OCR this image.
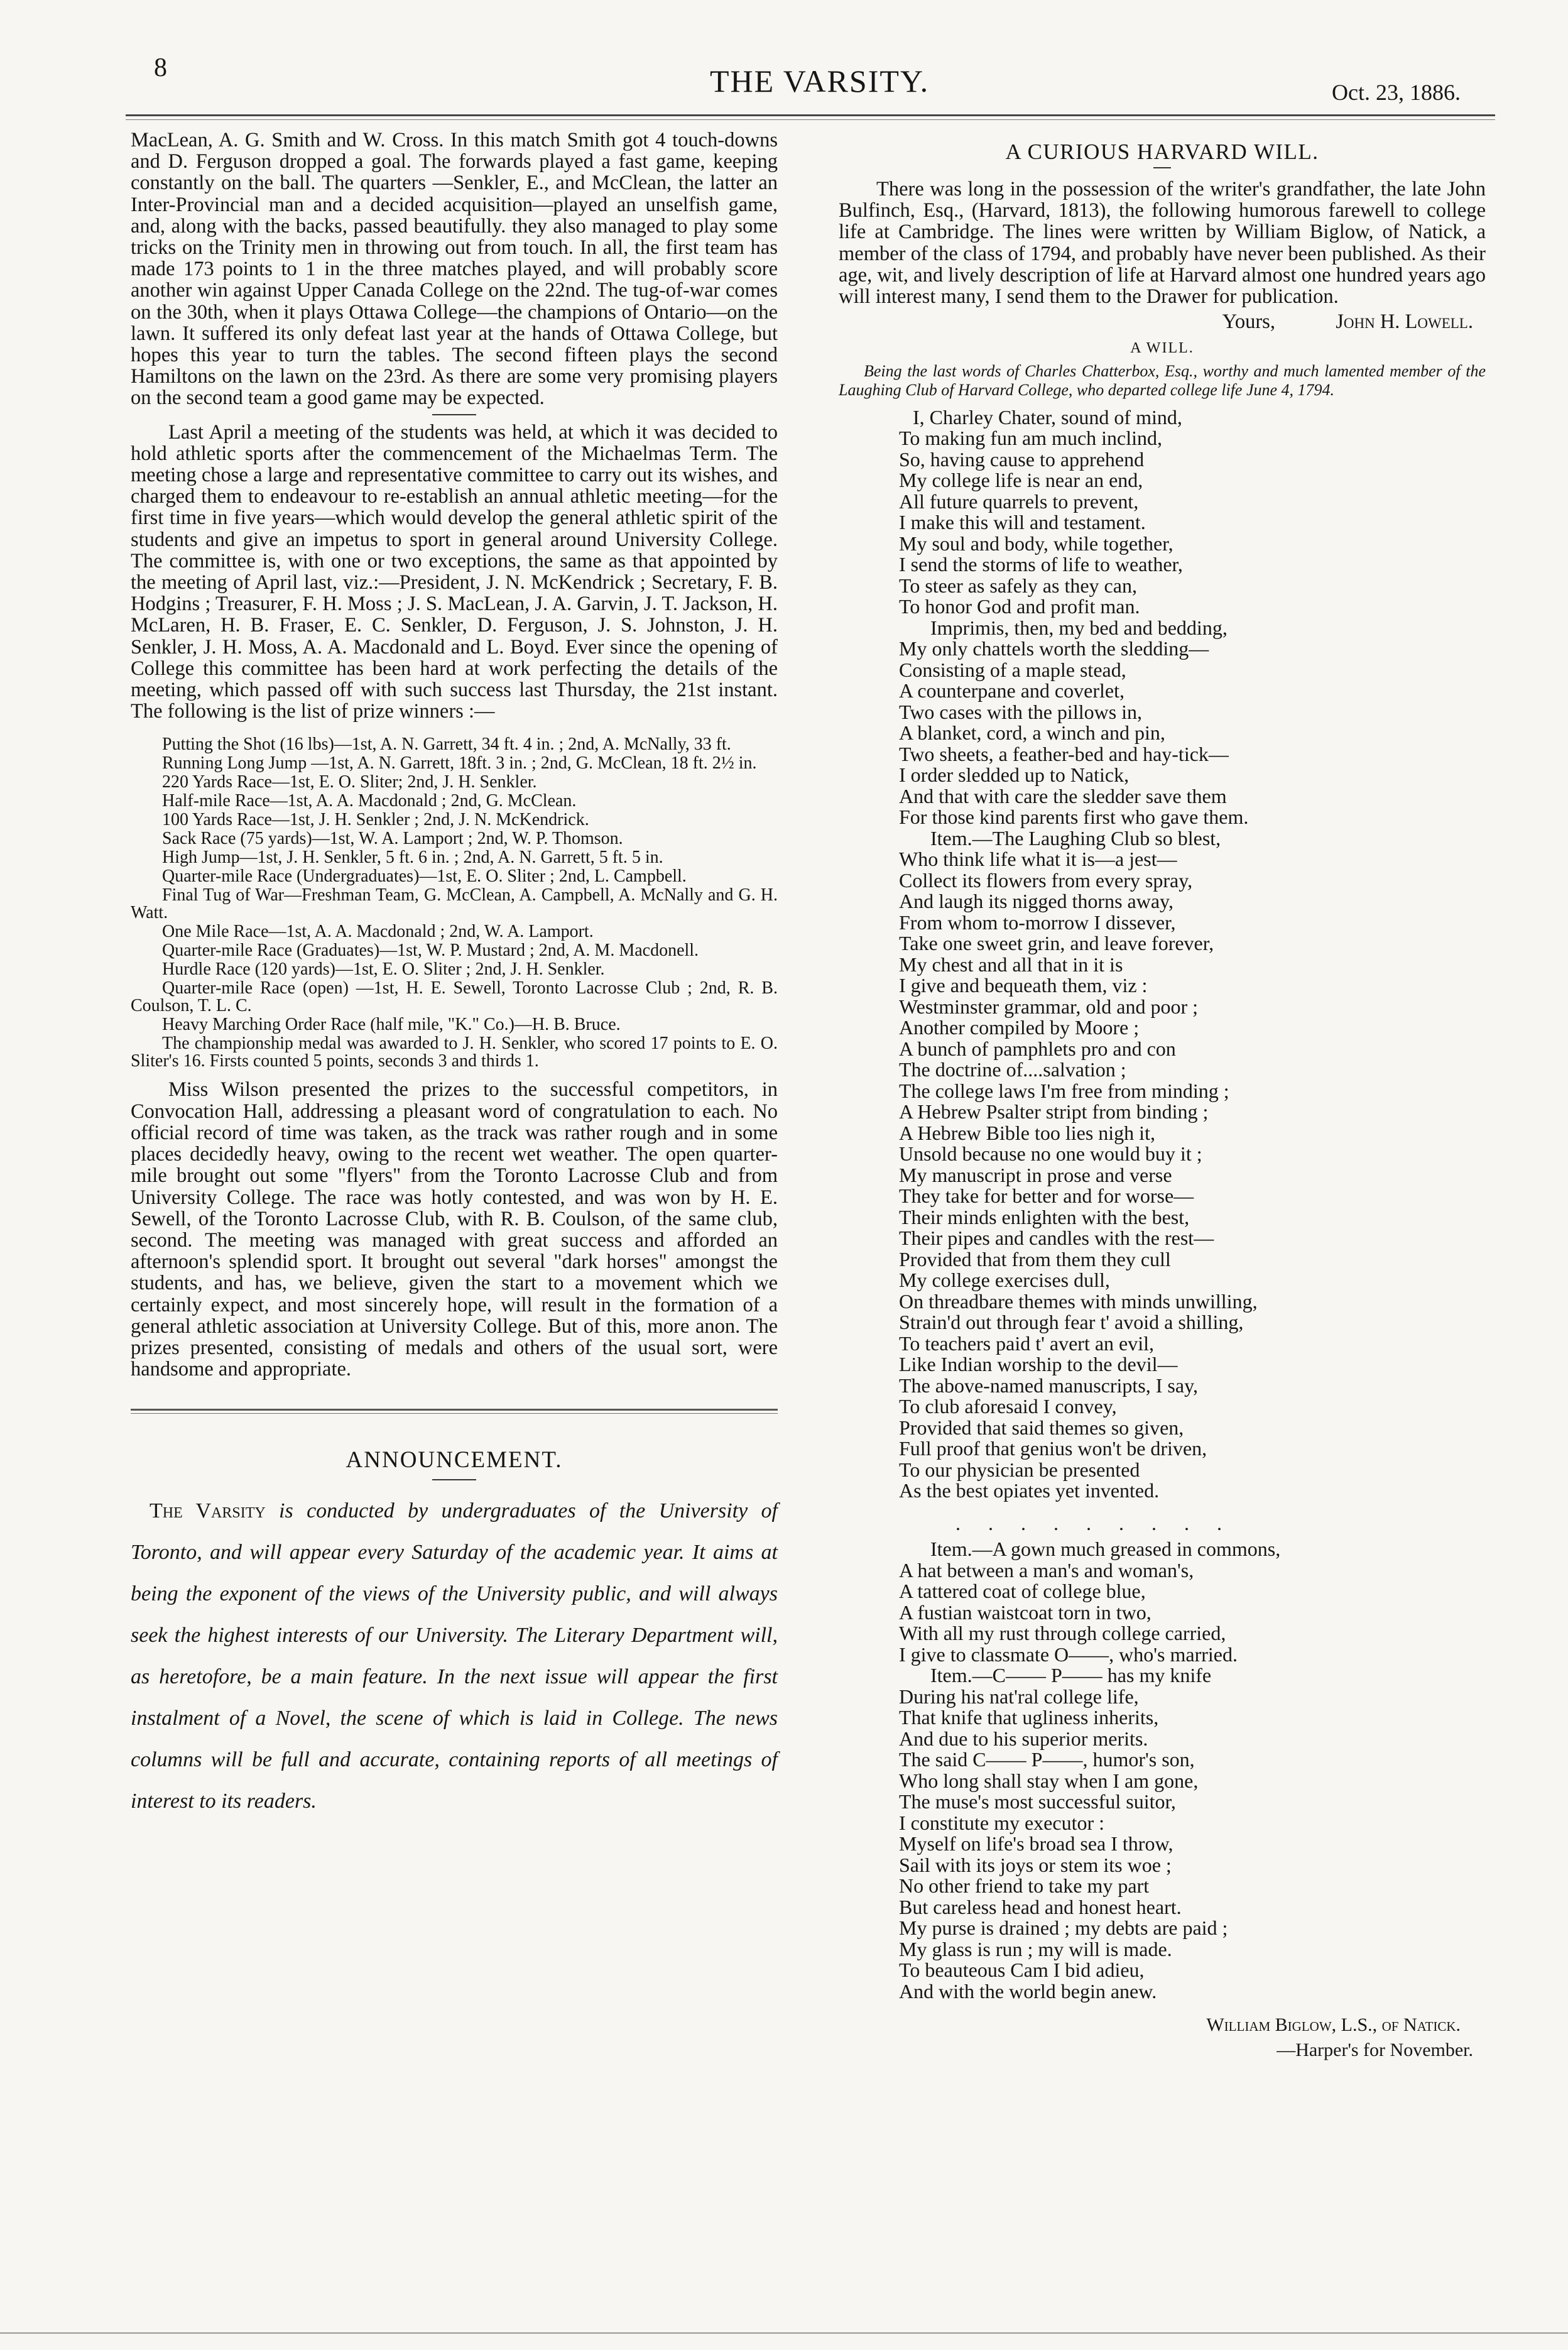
8	THE VARSITY.	Oct. 23, 1886.

MacLean, A. G. Smith and W. Cross. In this match Smith got 4 touch-downs and D. Ferguson dropped a goal. The forwards played a fast game, keeping constantly on the ball. The quarters —Senkler, E., and McClean, the latter an Inter-Provincial man and a decided acquisition—played an unselfish game, and, along with the backs, passed beautifully. they also managed to play some tricks on the Trinity men in throwing out from touch. In all, the first team has made 173 points to 1 in the three matches played, and will probably score another win against Upper Canada College on the 22nd. The tug-of-war comes on the 30th, when it plays Ottawa College—the champions of Ontario—on the lawn. It suffered its only defeat last year at the hands of Ottawa College, but hopes this year to turn the tables. The second fifteen plays the second Hamiltons on the lawn on the 23rd. As there are some very promising players on the second team a good game may be expected.

Last April a meeting of the students was held, at which it was decided to hold athletic sports after the commencement of the Michaelmas Term. The meeting chose a large and representative committee to carry out its wishes, and charged them to endeavour to re-establish an annual athletic meeting—for the first time in five years—which would develop the general athletic spirit of the students and give an impetus to sport in general around University College. The committee is, with one or two exceptions, the same as that appointed by the meeting of April last, viz.:—President, J. N. McKendrick ; Secretary, F. B. Hodgins ; Treasurer, F. H. Moss ; J. S. MacLean, J. A. Garvin, J. T. Jackson, H. McLaren, H. B. Fraser, E. C. Senkler, D. Ferguson, J. S. Johnston, J. H. Senkler, J. H. Moss, A. A. Macdonald and L. Boyd. Ever since the opening of College this committee has been hard at work perfecting the details of the meeting, which passed off with such success last Thursday, the 21st instant. The following is the list of prize winners :—

Putting the Shot (16 lbs)—1st, A. N. Garrett, 34 ft. 4 in. ; 2nd, A. McNally, 33 ft.

Running Long Jump —1st, A. N. Garrett, 18ft. 3 in. ; 2nd, G. McClean, 18 ft. 2½ in.

220 Yards Race—1st, E. O. Sliter; 2nd, J. H. Senkler.

Half-mile Race—1st, A. A. Macdonald ; 2nd, G. McClean.

100 Yards Race—1st, J. H. Senkler ; 2nd, J. N. McKendrick.

Sack Race (75 yards)—1st, W. A. Lamport ; 2nd, W. P. Thomson.

High Jump—1st, J. H. Senkler, 5 ft. 6 in. ; 2nd, A. N. Garrett, 5 ft. 5 in.

Quarter-mile Race (Undergraduates)—1st, E. O. Sliter ; 2nd, L. Campbell.

Final Tug of War—Freshman Team, G. McClean, A. Campbell, A. McNally and G. H. Watt.

One Mile Race—1st, A. A. Macdonald ; 2nd, W. A. Lamport.

Quarter-mile Race (Graduates)—1st, W. P. Mustard ; 2nd, A. M. Macdonell.

Hurdle Race (120 yards)—1st, E. O. Sliter ; 2nd, J. H. Senkler.

Quarter-mile Race (open) —1st, H. E. Sewell, Toronto Lacrosse Club ; 2nd, R. B. Coulson, T. L. C.

Heavy Marching Order Race (half mile, "K." Co.)—H. B. Bruce.

The championship medal was awarded to J. H. Senkler, who scored 17 points to E. O. Sliter's 16. Firsts counted 5 points, seconds 3 and thirds 1.

Miss Wilson presented the prizes to the successful competitors, in Convocation Hall, addressing a pleasant word of congratulation to each. No official record of time was taken, as the track was rather rough and in some places decidedly heavy, owing to the recent wet weather. The open quarter-mile brought out some "flyers" from the Toronto Lacrosse Club and from University College. The race was hotly contested, and was won by H. E. Sewell, of the Toronto Lacrosse Club, with R. B. Coulson, of the same club, second. The meeting was managed with great success and afforded an afternoon's splendid sport. It brought out several "dark horses" amongst the students, and has, we believe, given the start to a movement which we certainly expect, and most sincerely hope, will result in the formation of a general athletic association at University College. But of this, more anon. The prizes presented, consisting of medals and others of the usual sort, were handsome and appropriate.

ANNOUNCEMENT.
The Varsity is conducted by undergraduates of the University of Toronto, and will appear every Saturday of the academic year. It aims at being the exponent of the views of the University public, and will always seek the highest interests of our University. The Literary Department will, as heretofore, be a main feature. In the next issue will appear the first instalment of a Novel, the scene of which is laid in College. The news columns will be full and accurate, containing reports of all meetings of interest to its readers.
A CURIOUS HARVARD WILL.

There was long in the possession of the writer's grandfather, the late John Bulfinch, Esq., (Harvard, 1813), the following humorous farewell to college life at Cambridge. The lines were written by William Biglow, of Natick, a member of the class of 1794, and probably have never been published. As their age, wit, and lively description of life at Harvard almost one hundred years ago will interest many, I send them to the Drawer for publication.

Yours,	John H. Lowell.
A WILL.

Being the last words of Charles Chatterbox, Esq., worthy and much lamented member of the Laughing Club of Harvard College, who departed college life June 4, 1794.

I, Charley Chater, sound of mind,
To making fun am much inclind,
So, having cause to apprehend
My college life is near an end,
All future quarrels to prevent,
I make this will and testament.
My soul and body, while together,
I send the storms of life to weather,
To steer as safely as they can,
To honor God and profit man.
Imprimis, then, my bed and bedding,
My only chattels worth the sledding—
Consisting of a maple stead,
A counterpane and coverlet,
Two cases with the pillows in,
A blanket, cord, a winch and pin,
Two sheets, a feather-bed and hay-tick—
I order sledded up to Natick,
And that with care the sledder save them
For those kind parents first who gave them.
Item.—The Laughing Club so blest,
Who think life what it is—a jest—
Collect its flowers from every spray,
And laugh its nigged thorns away,
From whom to-morrow I dissever,
Take one sweet grin, and leave forever,
My chest and all that in it is
I give and bequeath them, viz :
Westminster grammar, old and poor ;
Another compiled by Moore ;
A bunch of pamphlets pro and con
The doctrine of....salvation ;
The college laws I'm free from minding ;
A Hebrew Psalter stript from binding ;
A Hebrew Bible too lies nigh it,
Unsold because no one would buy it ;
My manuscript in prose and verse
They take for better and for worse—
Their minds enlighten with the best,
Their pipes and candles with the rest—
Provided that from them they cull
My college exercises dull,
On threadbare themes with minds unwilling,
Strain'd out through fear t' avoid a shilling,
To teachers paid t' avert an evil,
Like Indian worship to the devil—
The above-named manuscripts, I say,
To club aforesaid I convey,
Provided that said themes so given,
Full proof that genius won't be driven,
To our physician be presented
As the best opiates yet invented.
. . . . . . . . .
Item.—A gown much greased in commons,
A hat between a man's and woman's,
A tattered coat of college blue,
A fustian waistcoat torn in two,
With all my rust through college carried,
I give to classmate O——, who's married.
Item.—C—— P—— has my knife
During his nat'ral college life,
That knife that ugliness inherits,
And due to his superior merits.
The said C—— P——, humor's son,
Who long shall stay when I am gone,
The muse's most successful suitor,
I constitute my executor :
Myself on life's broad sea I throw,
Sail with its joys or stem its woe ;
No other friend to take my part
But careless head and honest heart.
My purse is drained ; my debts are paid ;
My glass is run ; my will is made.
To beauteous Cam I bid adieu,
And with the world begin anew.
William Biglow, L.S., of Natick.
—Harper's for November.
